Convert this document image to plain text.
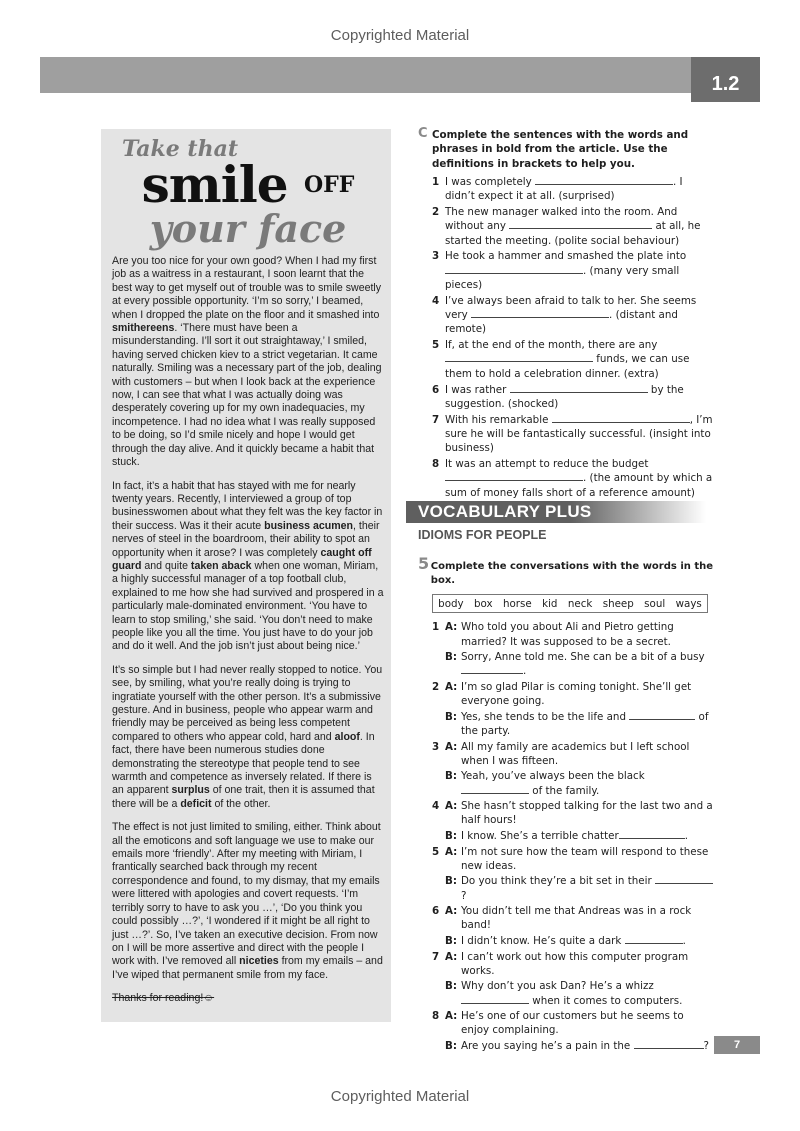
Copyrighted Material
1.2
Take that
smile $^{OFF}$
your face
Are you too nice for your own good? When I had my first job as a waitress in a restaurant, I soon learnt that the best way to get myself out of trouble was to smile sweetly at every possible opportunity. ‘I’m so sorry,’ I beamed, when I dropped the plate on the floor and it smashed into smithereens. ‘There must have been a misunderstanding. I’ll sort it out straightaway,’ I smiled, having served chicken kiev to a strict vegetarian. It came naturally. Smiling was a necessary part of the job, dealing with customers – but when I look back at the experience now, I can see that what I was actually doing was desperately covering up for my own inadequacies, my incompetence. I had no idea what I was really supposed to be doing, so I’d smile nicely and hope I would get through the day alive. And it quickly became a habit that stuck.
In fact, it’s a habit that has stayed with me for nearly twenty years. Recently, I interviewed a group of top businesswomen about what they felt was the key factor in their success. Was it their acute business acumen, their nerves of steel in the boardroom, their ability to spot an opportunity when it arose? I was completely caught off guard and quite taken aback when one woman, Miriam, a highly successful manager of a top football club, explained to me how she had survived and prospered in a particularly male-dominated environment. ‘You have to learn to stop smiling,’ she said. ‘You don’t need to make people like you all the time. You just have to do your job and do it well. And the job isn’t just about being nice.’
It’s so simple but I had never really stopped to notice. You see, by smiling, what you’re really doing is trying to ingratiate yourself with the other person. It’s a submissive gesture. And in business, people who appear warm and friendly may be perceived as being less competent compared to others who appear cold, hard and aloof. In fact, there have been numerous studies done demonstrating the stereotype that people tend to see warmth and competence as inversely related. If there is an apparent surplus of one trait, then it is assumed that there will be a deficit of the other.
The effect is not just limited to smiling, either. Think about all the emoticons and soft language we use to make our emails more ‘friendly’. After my meeting with Miriam, I frantically searched back through my recent correspondence and found, to my dismay, that my emails were littered with apologies and covert requests. ‘I’m terribly sorry to have to ask you …’, ‘Do you think you could possibly …?’, ‘I wondered if it might be all right to just …?’. So, I’ve taken an executive decision. From now on I will be more assertive and direct with the people I work with. I’ve removed all niceties from my emails – and I’ve wiped that permanent smile from my face.
Thanks for reading!☺
C Complete the sentences with the words and phrases in bold from the article. Use the definitions in brackets to help you.
1 I was completely	. I didn’t expect it at all. (surprised)
2 The new manager walked into the room. And without any	at all, he started the meeting. (polite social behaviour)
3 He took a hammer and smashed the plate into . (many very small pieces)
4 I’ve always been afraid to talk to her. She seems very	. (distant and remote)
5 If, at the end of the month, there are any  funds, we can use them to hold a celebration dinner. (extra)
6 I was rather	by the suggestion. (shocked)
7 With his remarkable	, I’m sure he will be fantastically successful. (insight into business)
8 It was an attempt to reduce the budget . (the amount by which a sum of money falls short of a reference amount)
VOCABULARY PLUS
IDIOMS FOR PEOPLE
5 Complete the conversations with the words in the box.
body box horse kid neck sheep soul ways
1 A: Who told you about Ali and Pietro getting married? It was supposed to be a secret.
B: Sorry, Anne told me. She can be a bit of a busy.
2 A: I’m so glad Pilar is coming tonight. She’ll get everyone going.
B: Yes, she tends to be the life and	of the party.
3 A: All my family are academics but I left school when I was fifteen.
B: Yeah, you’ve always been the black  of the family.
4 A: She hasn’t stopped talking for the last two and a half hours!
B: I know. She’s a terrible chatter	.
5 A: I’m not sure how the team will respond to these new ideas.
B: Do you think they’re a bit set in their ?
6 A: You didn’t tell me that Andreas was in a rock band!
B: I didn’t know. He’s quite a dark	.
7 A: I can’t work out how this computer program works.
B: Why don’t you ask Dan? He’s a whizz when it comes to computers.
8 A: He’s one of our customers but he seems to enjoy complaining.
B: Are you saying he’s a pain in the	?	7
Copyrighted Material
